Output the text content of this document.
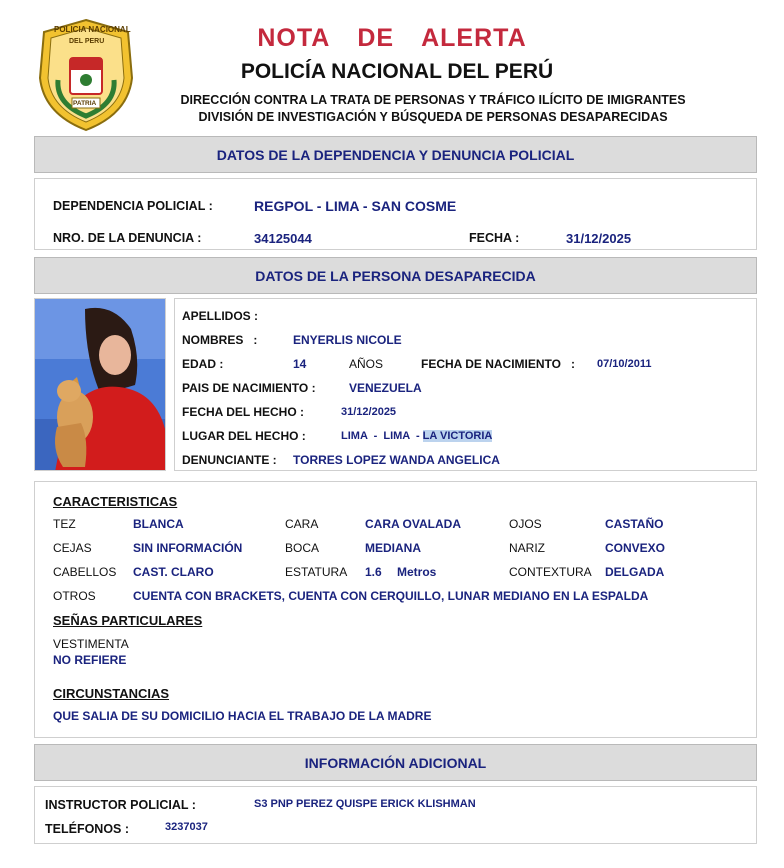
POLICIA NACIONAL
DEL PERU
PATRIA
NOTA DE ALERTA
POLICÍA NACIONAL DEL PERÚ
DIRECCIÓN CONTRA LA TRATA DE PERSONAS Y TRÁFICO ILÍCITO DE IMIGRANTES
DIVISIÓN DE INVESTIGACIÓN Y BÚSQUEDA DE PERSONAS DESAPARECIDAS
DATOS DE LA DEPENDENCIA Y DENUNCIA POLICIAL
DEPENDENCIA POLICIAL :	REGPOL - LIMA - SAN COSME
NRO. DE LA DENUNCIA :	34125044	FECHA :	31/12/2025
DATOS DE LA PERSONA DESAPARECIDA
APELLIDOS :
NOMBRES   :	ENYERLIS NICOLE
EDAD :	14	AÑOS	FECHA DE NACIMIENTO   : 07/10/2011
PAIS DE NACIMIENTO :	VENEZUELA
FECHA DEL HECHO :	31/12/2025
LUGAR DEL HECHO :	LIMA  -  LIMA  - LA VICTORIA
DENUNCIANTE : TORRES LOPEZ WANDA ANGELICA
CARACTERISTICAS
TEZ	BLANCA	CARA	CARA OVALADA	OJOS	CASTAÑO
CEJAS	SIN INFORMACIÓN	BOCA	MEDIANA	NARIZ	CONVEXO
CABELLOS CAST. CLARO	ESTATURA 1.6 Metros	CONTEXTURA DELGADA
OTROS	CUENTA CON BRACKETS, CUENTA CON CERQUILLO, LUNAR MEDIANO EN LA ESPALDA
SEÑAS PARTICULARES
VESTIMENTA
NO REFIERE
CIRCUNSTANCIAS
QUE SALIA DE SU DOMICILIO HACIA EL TRABAJO DE LA MADRE
INFORMACIÓN ADICIONAL
INSTRUCTOR POLICIAL :	S3 PNP PEREZ QUISPE ERICK KLISHMAN
TELÉFONOS :	3237037
